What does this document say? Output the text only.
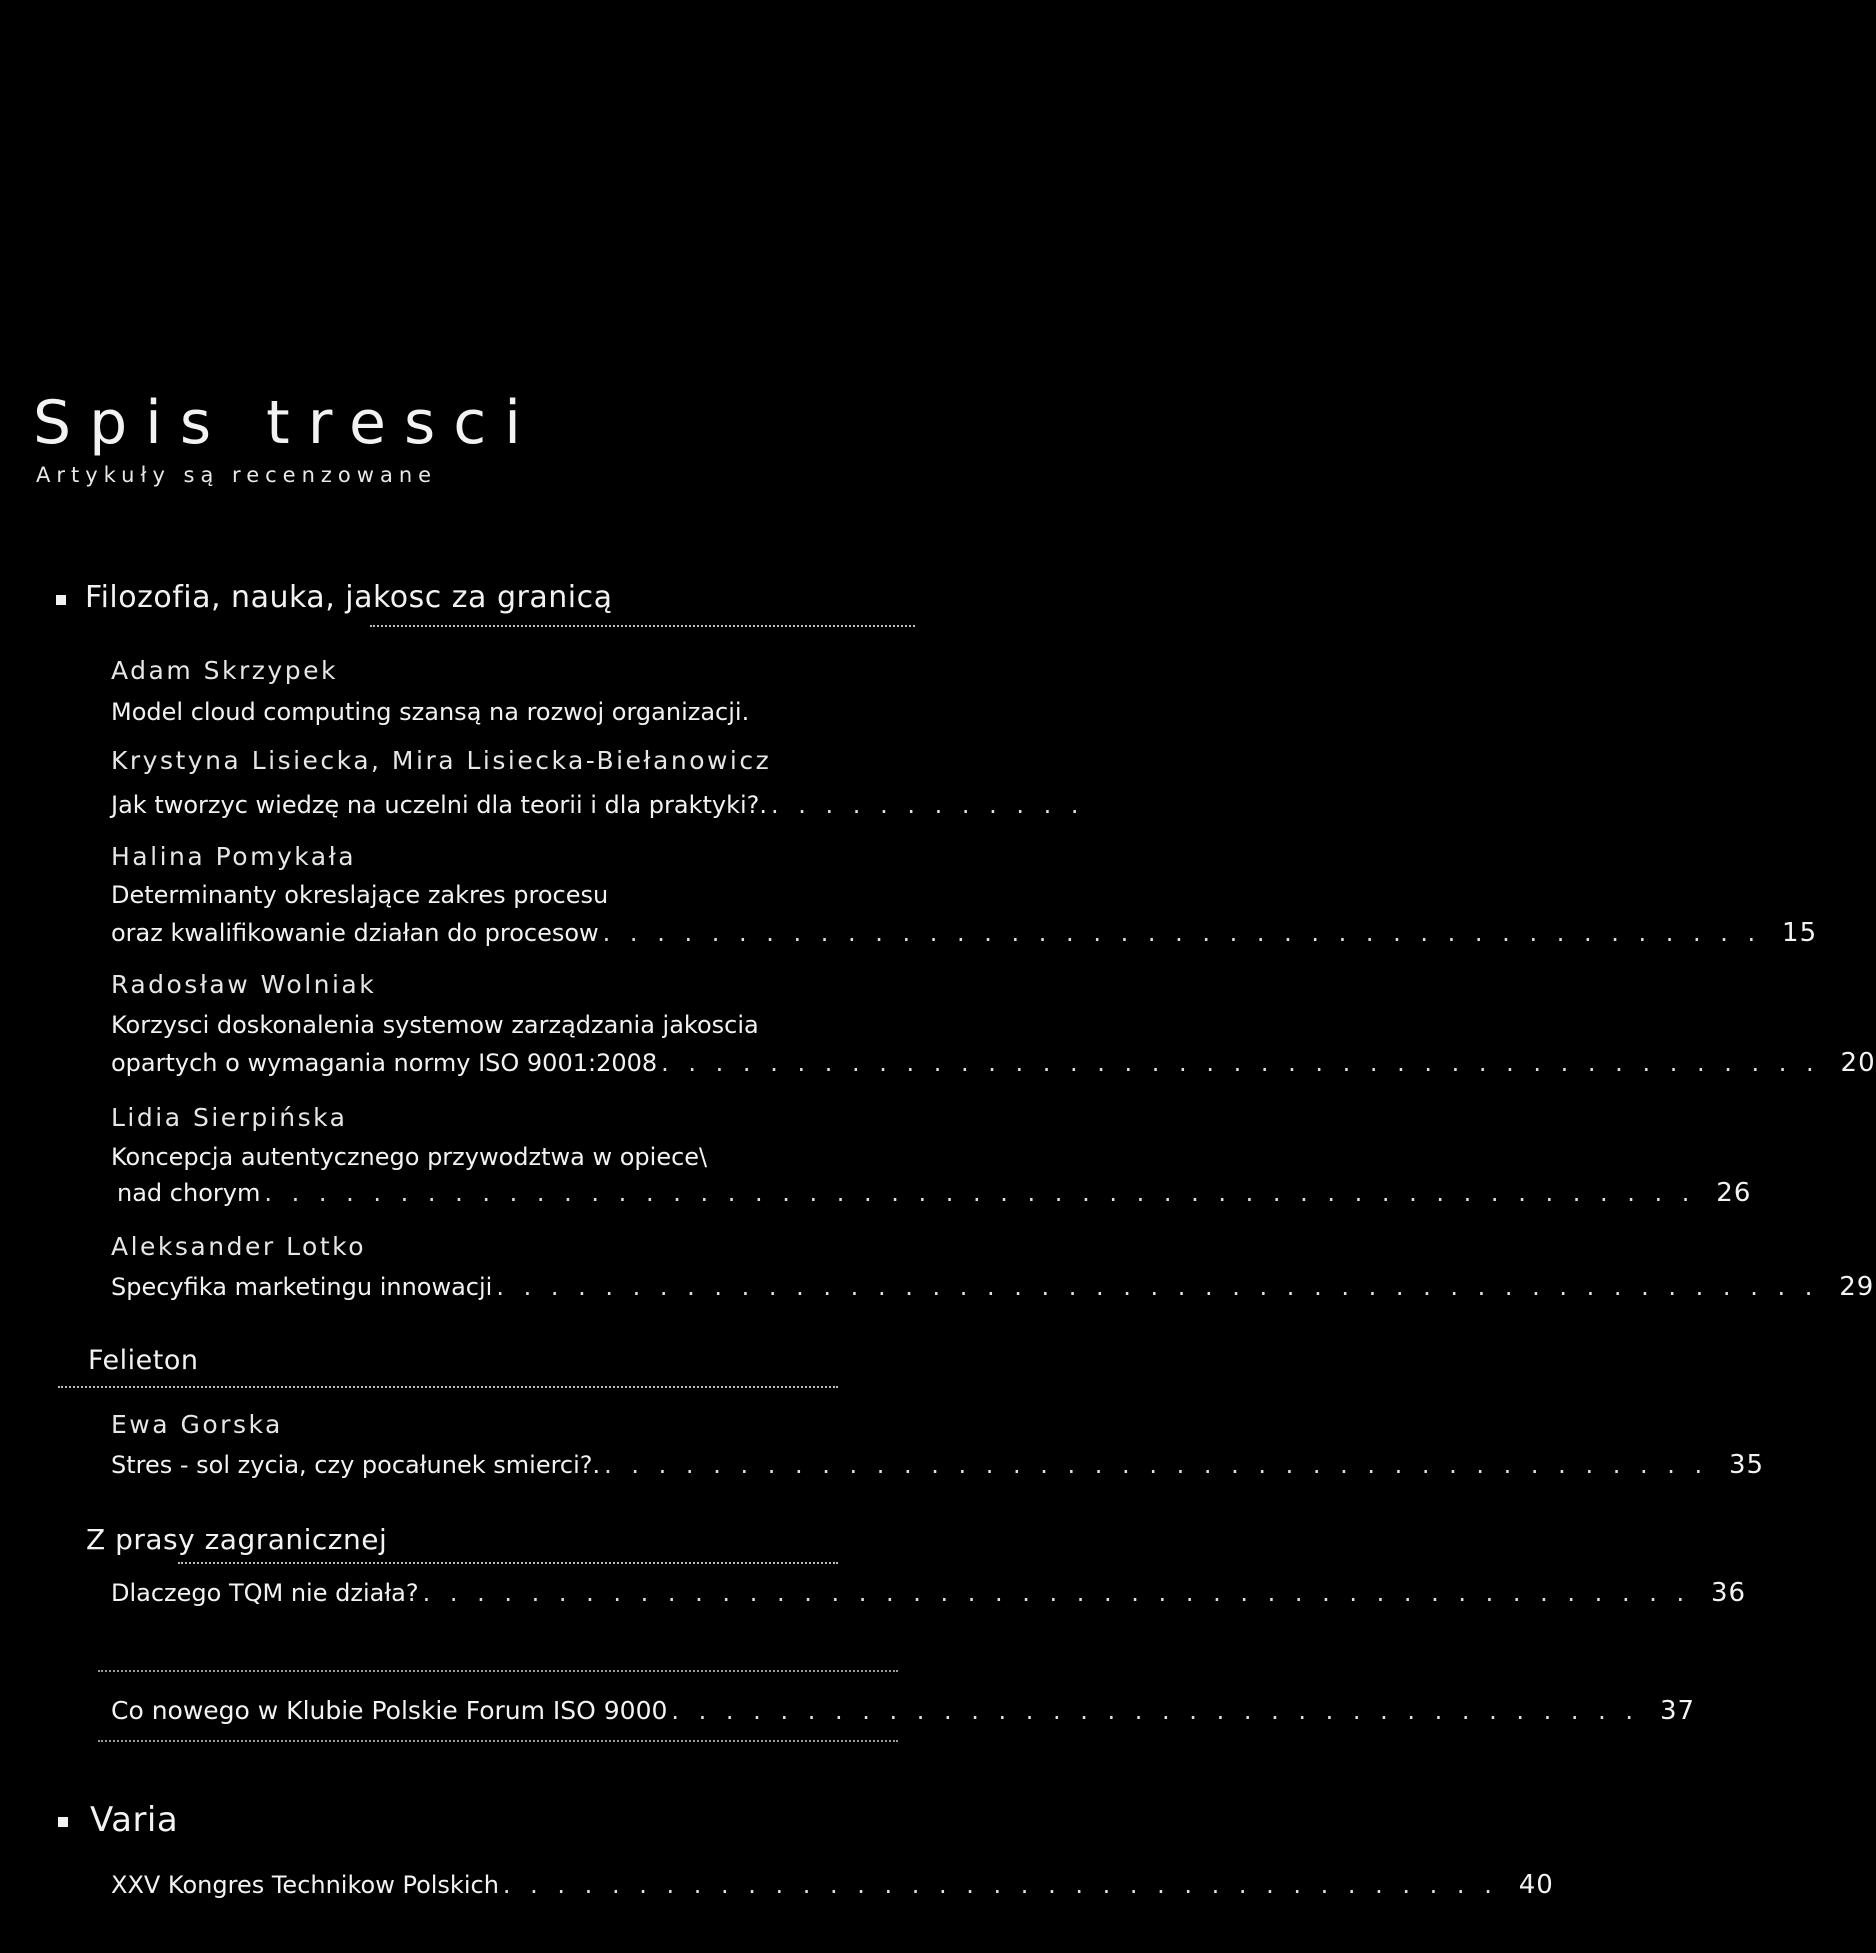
Spis tresci
Artykuły są recenzowane
Filozofia, nauka, jakosc za granicą
Adam Skrzypek
Model cloud computing szansą na rozwoj organizacji.
Krystyna Lisiecka, Mira Lisiecka-Biełanowicz
Jak tworzyc wiedzę na uczelni dla teorii i dla praktyki?. . . . . . . . . . . . .
Halina Pomykała
Determinanty okreslające zakres procesu
oraz kwalifikowanie działan do procesow . . . . . . . . . . . . . . . . . . . . . . . . . . . . . . . . . . . . . . . . . . . 15
Radosław Wolniak
Korzysci doskonalenia systemow zarządzania jakoscia
opartych o wymagania normy ISO 9001:2008 . . . . . . . . . . . . . . . . . . . . . . . . . . . . . . . . . . . . . . . . . . . 20
Lidia Sierpińska
Koncepcja autentycznego przywodztwa w opiece\
nad chorym . . . . . . . . . . . . . . . . . . . . . . . . . . . . . . . . . . . . . . . . . . . . . . . . . . . . . 26
Aleksander Lotko
Specyfika marketingu innowacji . . . . . . . . . . . . . . . . . . . . . . . . . . . . . . . . . . . . . . . . . . . . . . . . . 29
Felieton
Ewa Gorska
Stres - sol zycia, czy pocałunek smierci?. . . . . . . . . . . . . . . . . . . . . . . . . . . . . . . . . . . . . . . . . . 35
Z prasy zagranicznej
Dlaczego TQM nie działa? . . . . . . . . . . . . . . . . . . . . . . . . . . . . . . . . . . . . . . . . . . . . . . . 36
Co nowego w Klubie Polskie Forum ISO 9000 . . . . . . . . . . . . . . . . . . . . . . . . . . . . . . . . . . . . 37
Varia
XXV Kongres Technikow Polskich . . . . . . . . . . . . . . . . . . . . . . . . . . . . . . . . . . . . . 40
